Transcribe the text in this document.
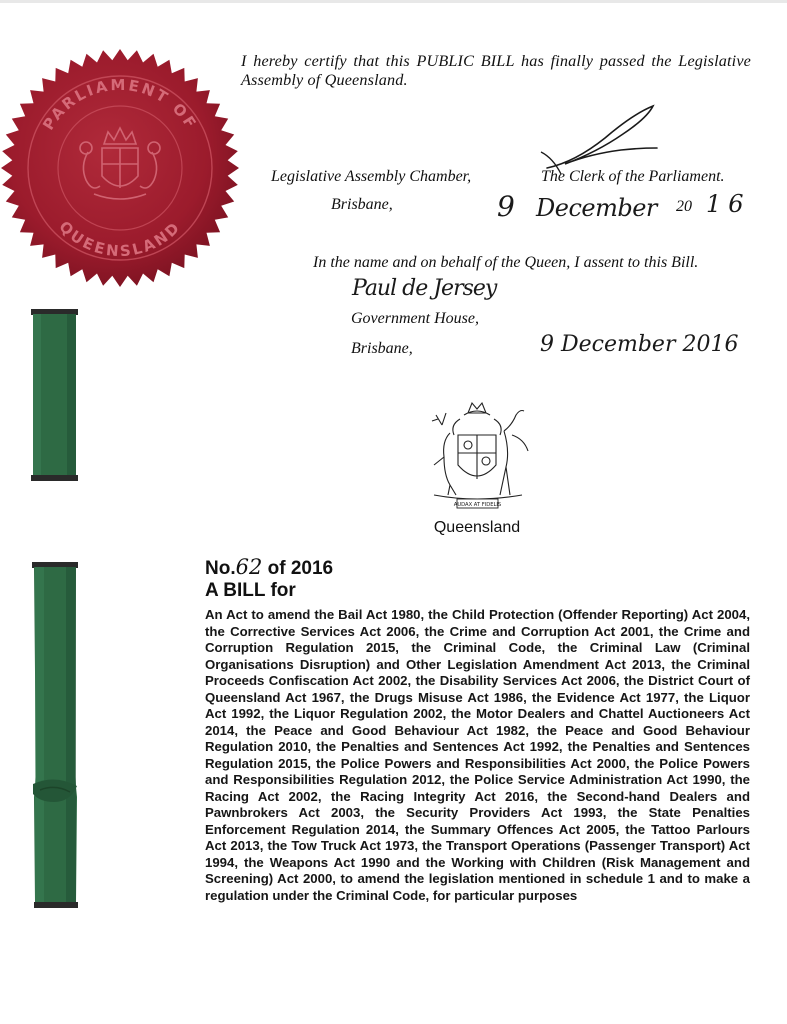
PARLIAMENT OF
QUEENSLAND
I hereby certify that this PUBLIC BILL has finally passed the Legislative Assembly of Queensland.
Legislative Assembly Chamber,	The Clerk of the Parliament.
Brisbane,	9 December 20 16
In the name and on behalf of the Queen, I assent to this Bill.
Paul de Jersey
Government House,
Brisbane,	9 December 2016
AUDAX AT FIDELIS
Queensland
No.62 of 2016
A BILL for
An Act to amend the Bail Act 1980, the Child Protection (Offender Reporting) Act 2004, the Corrective Services Act 2006, the Crime and Corruption Act 2001, the Crime and Corruption Regulation 2015, the Criminal Code, the Criminal Law (Criminal Organisations Disruption) and Other Legislation Amendment Act 2013, the Criminal Proceeds Confiscation Act 2002, the Disability Services Act 2006, the District Court of Queensland Act 1967, the Drugs Misuse Act 1986, the Evidence Act 1977, the Liquor Act 1992, the Liquor Regulation 2002, the Motor Dealers and Chattel Auctioneers Act 2014, the Peace and Good Behaviour Act 1982, the Peace and Good Behaviour Regulation 2010, the Penalties and Sentences Act 1992, the Penalties and Sentences Regulation 2015, the Police Powers and Responsibilities Act 2000, the Police Powers and Responsibilities Regulation 2012, the Police Service Administration Act 1990, the Racing Act 2002, the Racing Integrity Act 2016, the Second-hand Dealers and Pawnbrokers Act 2003, the Security Providers Act 1993, the State Penalties Enforcement Regulation 2014, the Summary Offences Act 2005, the Tattoo Parlours Act 2013, the Tow Truck Act 1973, the Transport Operations (Passenger Transport) Act 1994, the Weapons Act 1990 and the Working with Children (Risk Management and Screening) Act 2000, to amend the legislation mentioned in schedule 1 and to make a regulation under the Criminal Code, for particular purposes
